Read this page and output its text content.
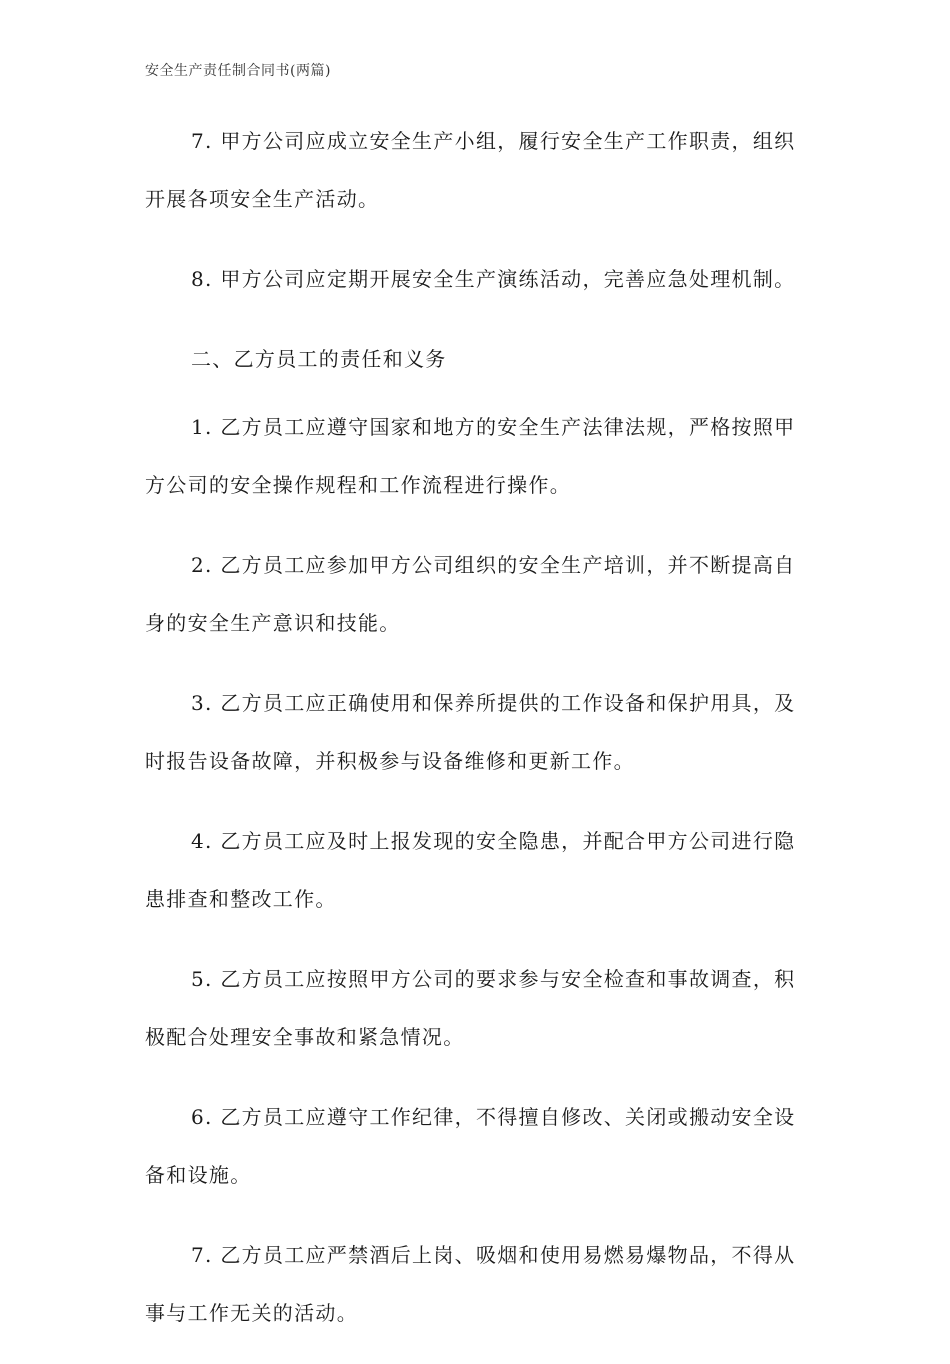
安全生产责任制合同书(两篇)

7. 甲方公司应成立安全生产小组，履行安全生产工作职责，组织开展各项安全生产活动。

8. 甲方公司应定期开展安全生产演练活动，完善应急处理机制。

二、乙方员工的责任和义务

1. 乙方员工应遵守国家和地方的安全生产法律法规，严格按照甲方公司的安全操作规程和工作流程进行操作。

2. 乙方员工应参加甲方公司组织的安全生产培训，并不断提高自身的安全生产意识和技能。

3. 乙方员工应正确使用和保养所提供的工作设备和保护用具，及时报告设备故障，并积极参与设备维修和更新工作。

4. 乙方员工应及时上报发现的安全隐患，并配合甲方公司进行隐患排查和整改工作。

5. 乙方员工应按照甲方公司的要求参与安全检查和事故调查，积极配合处理安全事故和紧急情况。

6. 乙方员工应遵守工作纪律，不得擅自修改、关闭或搬动安全设备和设施。

7. 乙方员工应严禁酒后上岗、吸烟和使用易燃易爆物品，不得从事与工作无关的活动。
